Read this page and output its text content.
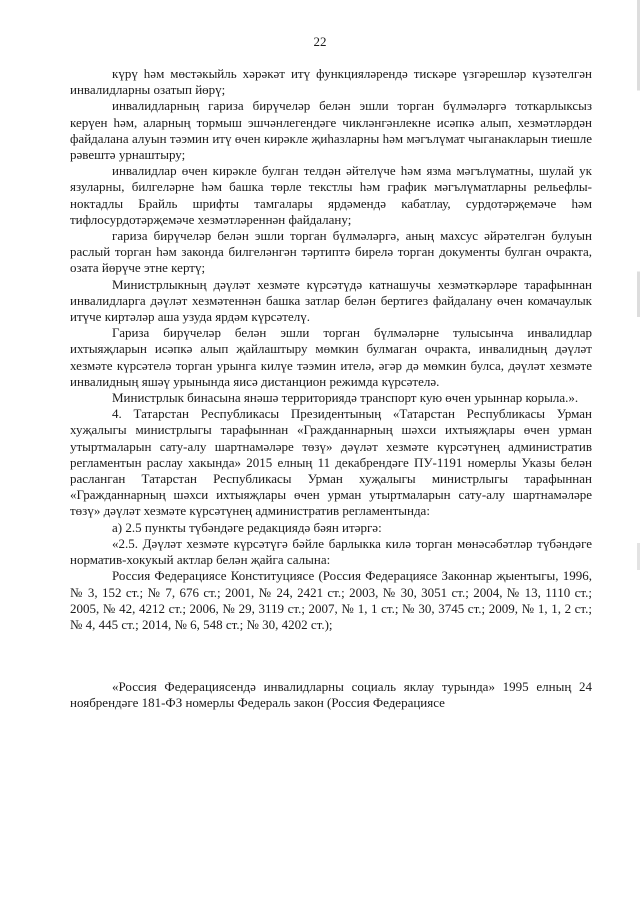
22

күрү һәм мөстәкыйль хәрәкәт итү функцияләрендә тискәре үзгәрешләр күзәтелгән инвалидларны озатып йөрү;

инвалидларның гариза бирүчеләр белән эшли торган бүлмәләргә тоткарлыксыз керүен һәм, аларның тормыш эшчәнлегендәге чикләнгәнлекне исәпкә алып, хезмәтләрдән файдалана алуын тәэмин итү өчен кирәкле җиһазларны һәм мәгълүмат чыганакларын тиешле рәвештә урнаштыру;

инвалидлар өчен кирәкле булган телдән әйтелүче һәм язма мәгълүматны, шулай ук язуларны, билгеләрне һәм башка төрле текстлы һәм график мәгълүматларны рельефлы-ноктадлы Брайль шрифты тамгалары ярдәмендә кабатлау, сурдотәрҗемәче һәм тифлосурдотәрҗемәче хезмәтләреннән файдалану;

гариза бирүчеләр белән эшли торган бүлмәләргә, аның махсус әйрәтелгән булуын раслый торган һәм законда билгеләнгән тәртиптә бирелә торган документы булган очракта, озата йөрүче этне кертү;

Министрлыкның дәүләт хезмәте күрсәтүдә катнашучы хезмәткәрләре тарафыннан инвалидларга дәүләт хезмәтеннән башка затлар белән бертигез файдалану өчен комачаулык итүче киртәләр аша узуда ярдәм күрсәтелү.

Гариза бирүчеләр белән эшли торган бүлмәләрне тулысынча инвалидлар ихтыяҗларын исәпкә алып җайлаштыру мөмкин булмаган очракта, инвалидның дәүләт хезмәте күрсәтелә торган урынга килүе тәэмин ителә, әгәр дә мөмкин булса, дәүләт хезмәте инвалидның яшәү урынында яисә дистанцион режимда күрсәтелә.

Министрлык бинасына янәшә территориядә транспорт кую өчен урыннар корыла.».

4. Татарстан Республикасы Президентының «Татарстан Республикасы Урман хуҗалыгы министрлыгы тарафыннан «Гражданнарның шәхси ихтыяҗлары өчен урман утыртмаларын сату-алу шартнамәләре төзү» дәүләт хезмәте күрсәтүнең административ регламентын раслау хакында» 2015 елның 11 декабрендәге ПУ-1191 номерлы Указы белән расланган Татарстан Республикасы Урман хуҗалыгы министрлыгы тарафыннан «Гражданнарның шәхси ихтыяҗлары өчен урман утыртмаларын сату-алу шартнамәләре төзү» дәүләт хезмәте күрсәтүнең административ регламентында:

а) 2.5 пункты түбәндәге редакциядә бәян итәргә:

«2.5. Дәүләт хезмәте күрсәтүгә бәйле барлыкка килә торган мөнәсәбәтләр түбәндәге норматив-хокукый актлар белән җайга салына:

Россия Федерациясе Конституциясе (Россия Федерациясе Законнар җыентыгы, 1996, № 3, 152 ст.; № 7, 676 ст.; 2001, № 24, 2421 ст.; 2003, № 30, 3051 ст.; 2004, № 13, 1110 ст.; 2005, № 42, 4212 ст.; 2006, № 29, 3119 ст.; 2007, № 1, 1 ст.; № 30, 3745 ст.; 2009, № 1, 1, 2 ст.; № 4, 445 ст.; 2014, № 6, 548 ст.; № 30, 4202 ст.);

«Россия Федерациясендә инвалидларны социаль яклау турында» 1995 елның 24 ноябрендәге 181-ФЗ номерлы Федераль закон (Россия Федерациясе
